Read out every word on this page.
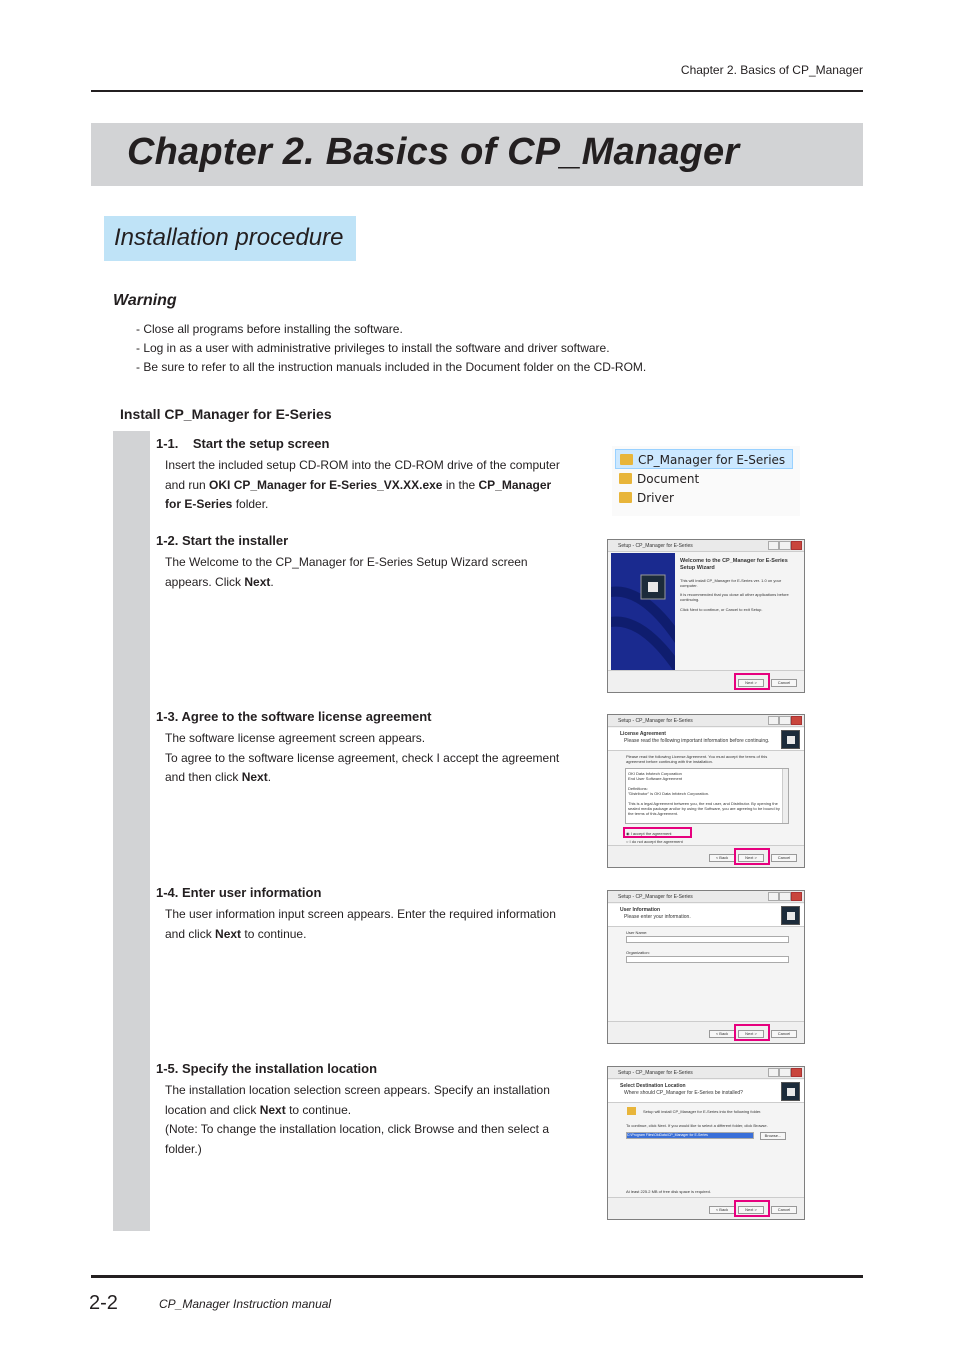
Chapter 2. Basics of CP_Manager
Chapter 2. Basics of CP_Manager
Installation procedure
Warning
- Close all programs before installing the software.
- Log in as a user with administrative privileges to install the software and driver software.
- Be sure to refer to all the instruction manuals included in the Document folder on the CD-ROM.
Install CP_Manager for E-Series
1-1.    Start the setup screen
Insert the included setup CD-ROM into the CD-ROM drive of the computer and run OKI CP_Manager for E-Series_VX.XX.exe in the CP_Manager for E-Series folder.
1-2. Start the installer
The Welcome to the CP_Manager for E-Series Setup Wizard screen appears. Click Next.
1-3. Agree to the software license agreement
The software license agreement screen appears.
To agree to the software license agreement, check I accept the agreement and then click Next.
1-4. Enter user information
The user information input screen appears. Enter the required information and click Next to continue.
1-5. Specify the installation location
The installation location selection screen appears. Specify an installation location and click Next to continue.
(Note: To change the installation location, click Browse and then select a folder.)
CP_Manager for E-Series
Document
Driver
Setup - CP_Manager for E-Series
Welcome to the CP_Manager for E-Series Setup Wizard
This will install CP_Manager for E-Series ver. 1.0 on your computer.
It is recommended that you close all other applications before continuing.
Click Next to continue, or Cancel to exit Setup.
Next >	Cancel
Setup - CP_Manager for E-Series
License Agreement
Please read the following important information before continuing.
Please read the following License Agreement. You must accept the terms of this agreement before continuing with the installation.
OKI Data Infotech Corporation
End User Software Agreement
Definitions:
"Distributor" is OKI Data Infotech Corporation.
This is a legal Agreement between you, the end user, and Distributor. By opening the sealed media package and/or by using the Software, you are agreeing to be bound by the terms of this Agreement.
◉ I accept the agreement
○ I do not accept the agreement
< Back	Next >	Cancel
Setup - CP_Manager for E-Series
User Information
Please enter your information.
User Name:
Organization:
< Back	Next >	Cancel
Setup - CP_Manager for E-Series
Select Destination Location
Where should CP_Manager for E-Series be installed?
Setup will install CP_Manager for E-Series into the following folder.
To continue, click Next. If you would like to select a different folder, click Browse.
C:\Program Files\OkiData\CP_Manager for E-Series	Browse...
At least 225.2 MB of free disk space is required.
< Back	Next >	Cancel
2-2	CP_Manager Instruction manual
